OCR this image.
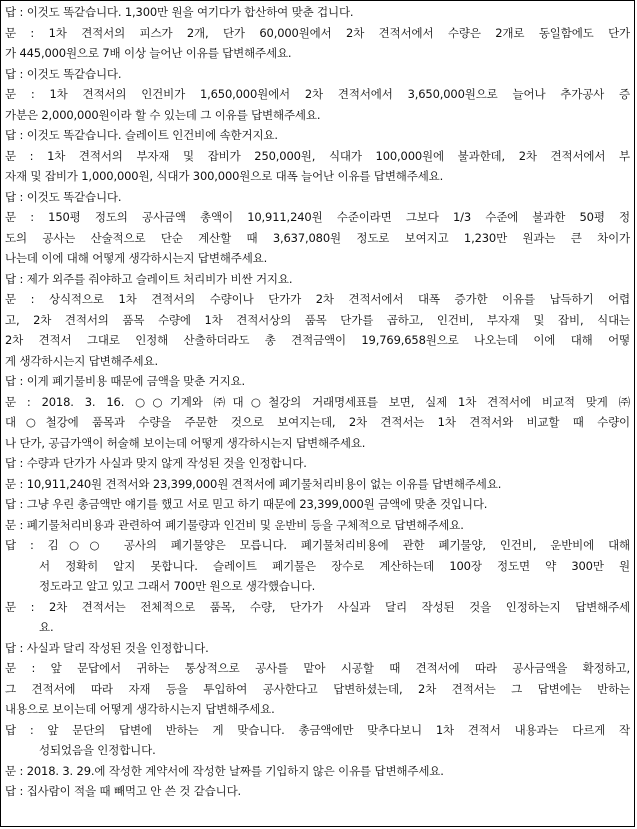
답 : 이것도 똑같습니다. 1,300만 원을 여기다가 합산하여 맞춘 겁니다.
문 : 1차 견적서의 피스가 2개, 단가 60,000원에서 2차 견적서에서 수량은 2개로 동일함에도 단가
가 445,000원으로 7배 이상 늘어난 이유를 답변해주세요.
답 : 이것도 똑같습니다.
문 : 1차 견적서의 인건비가 1,650,000원에서 2차 견적서에서 3,650,000원으로 늘어나 추가공사 증
가분은 2,000,000원이라 할 수 있는데 그 이유를 답변해주세요.
답 : 이것도 똑같습니다. 슬레이트 인건비에 속한거지요.
문 : 1차 견적서의 부자재 및 잡비가 250,000원, 식대가 100,000원에 불과한데, 2차 견적서에서 부
자재 및 잡비가 1,000,000원, 식대가 300,000원으로 대폭 늘어난 이유를 답변해주세요.
답 : 이것도 똑같습니다.
문 : 150평 정도의 공사금액 총액이 10,911,240원 수준이라면 그보다 1/3 수준에 불과한 50평 정
도의 공사는 산술적으로 단순 계산할 때 3,637,080원 정도로 보여지고 1,230만 원과는 큰 차이가
나는데 이에 대해 어떻게 생각하시는지 답변해주세요.
답 : 제가 외주를 줘야하고 슬레이트 처리비가 비싼 거지요.
문 : 상식적으로 1차 견적서의 수량이나 단가가 2차 견적서에서 대폭 증가한 이유를 납득하기 어렵
고, 2차 견적서의 품목 수량에 1차 견적서상의 품목 단가를 곱하고, 인건비, 부자재 및 잡비, 식대는
2차 견적서 그대로 인정해 산출하더라도 총 견적금액이 19,769,658원으로 나오는데 이에 대해 어떻
게 생각하시는지 답변해주세요.
답 : 이게 폐기물비용 때문에 금액을 맞춘 거지요.
문 : 2018. 3. 16. ○○기계와 ㈜대○철강의 거래명세표를 보면, 실제 1차 견적서에 비교적 맞게 ㈜
대○철강에 품목과 수량을 주문한 것으로 보여지는데, 2차 견적서는 1차 견적서와 비교할 때 수량이
나 단가, 공급가액이 허술해 보이는데 어떻게 생각하시는지 답변해주세요.
답 : 수량과 단가가 사실과 맞지 않게 작성된 것을 인정합니다.
문 : 10,911,240원 견적서와 23,399,000원 견적서에 폐기물처리비용이 없는 이유를 답변해주세요.
답 : 그냥 우린 총금액만 얘기를 했고 서로 믿고 하기 때문에 23,399,000원 금액에 맞춘 것입니다.
문 : 폐기물처리비용과 관련하여 폐기물량과 인건비 및 운반비 등을 구체적으로 답변해주세요.
답 : 김○○ 공사의 폐기물양은 모릅니다. 폐기물처리비용에 관한 폐기물양, 인건비, 운반비에 대해
서 정확히 알지 못합니다. 슬레이트 폐기물은 장수로 계산하는데 100장 정도면 약 300만 원
정도라고 알고 있고 그래서 700만 원으로 생각했습니다.
문 : 2차 견적서는 전체적으로 품목, 수량, 단가가 사실과 달리 작성된 것을 인정하는지 답변해주세
요.
답 : 사실과 달리 작성된 것을 인정합니다.
문 : 앞 문답에서 귀하는 통상적으로 공사를 맡아 시공할 때 견적서에 따라 공사금액을 확정하고,
그 견적서에 따라 자재 등을 투입하여 공사한다고 답변하셨는데, 2차 견적서는 그 답변에는 반하는
내용으로 보이는데 어떻게 생각하시는지 답변해주세요.
답 : 앞 문단의 답변에 반하는 게 맞습니다. 총금액에만 맞추다보니 1차 견적서 내용과는 다르게 작
성되었음을 인정합니다.
문 : 2018. 3. 29.에 작성한 계약서에 작성한 날짜를 기입하지 않은 이유를 답변해주세요.
답 : 집사람이 적을 때 빼먹고 안 쓴 것 같습니다.
